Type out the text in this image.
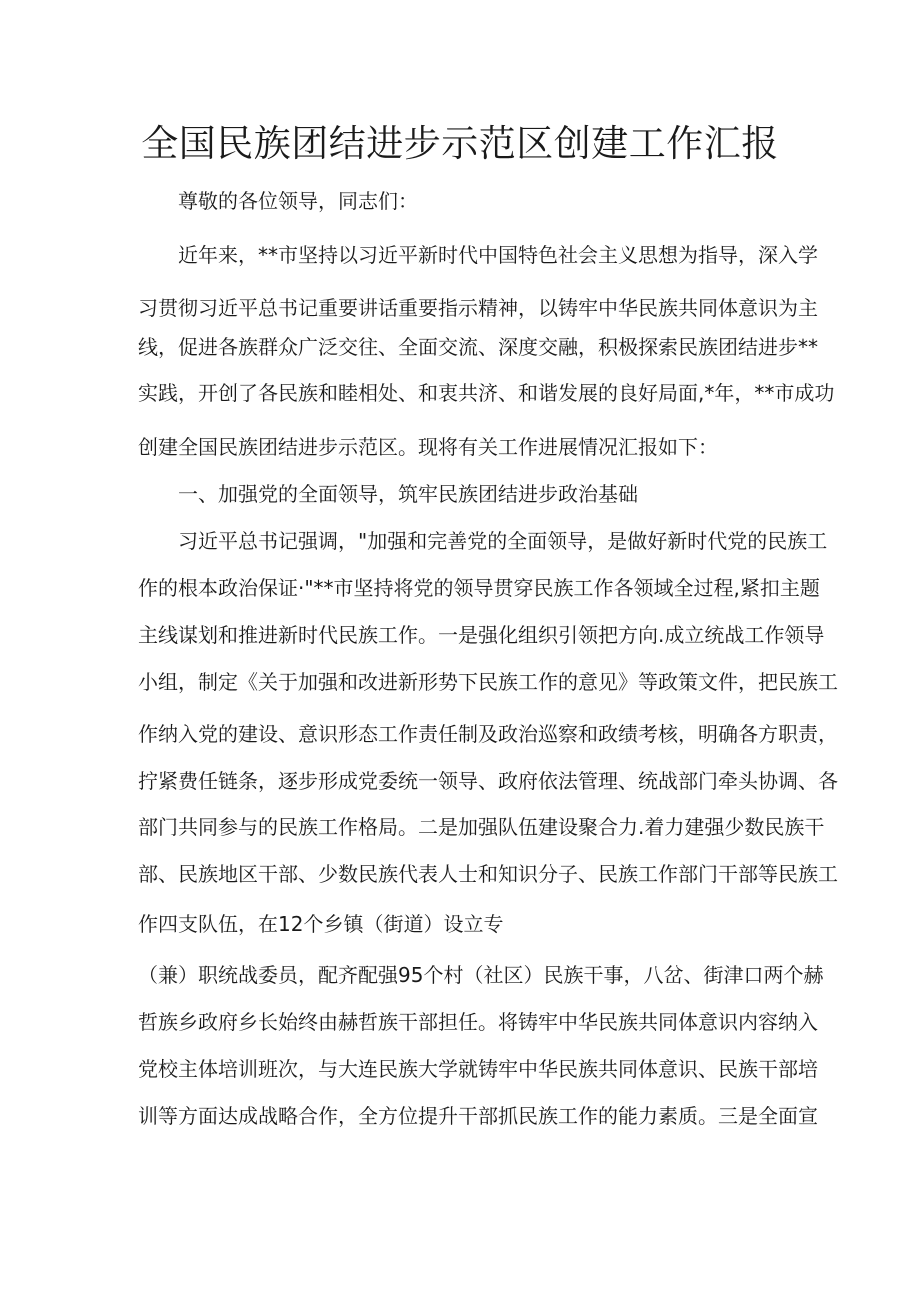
全国民族团结进步示范区创建工作汇报
尊敬的各位领导，同志们：
近年来，**市坚持以习近平新时代中国特色社会主义思想为指导，深入学
习贯彻习近平总书记重要讲话重要指示精神，以铸牢中华民族共同体意识为主
线，促进各族群众广泛交往、全面交流、深度交融，积极探索民族团结进步**
实践，开创了各民族和睦相处、和衷共济、和谐发展的良好局面,*年，**市成功
创建全国民族团结进步示范区。现将有关工作进展情况汇报如下：
一、加强党的全面领导，筑牢民族团结进步政治基础
习近平总书记强调，"加强和完善党的全面领导，是做好新时代党的民族工
作的根本政治保证·"**市坚持将党的领导贯穿民族工作各领域全过程,紧扣主题
主线谋划和推进新时代民族工作。一是强化组织引领把方向.成立统战工作领导
小组，制定《关于加强和改进新形势下民族工作的意见》等政策文件，把民族工
作纳入党的建设、意识形态工作责任制及政治巡察和政绩考核，明确各方职责，
拧紧费任链条，逐步形成党委统一领导、政府依法管理、统战部门牵头协调、各
部门共同参与的民族工作格局。二是加强队伍建设聚合力.着力建强少数民族干
部、民族地区干部、少数民族代表人士和知识分子、民族工作部门干部等民族工
作四支队伍，在12个乡镇（街道）设立专
（兼）职统战委员，配齐配强95个村（社区）民族干事，八岔、街津口两个赫
哲族乡政府乡长始终由赫哲族干部担任。将铸牢中华民族共同体意识内容纳入
党校主体培训班次，与大连民族大学就铸牢中华民族共同体意识、民族干部培
训等方面达成战略合作，全方位提升干部抓民族工作的能力素质。三是全面宣
